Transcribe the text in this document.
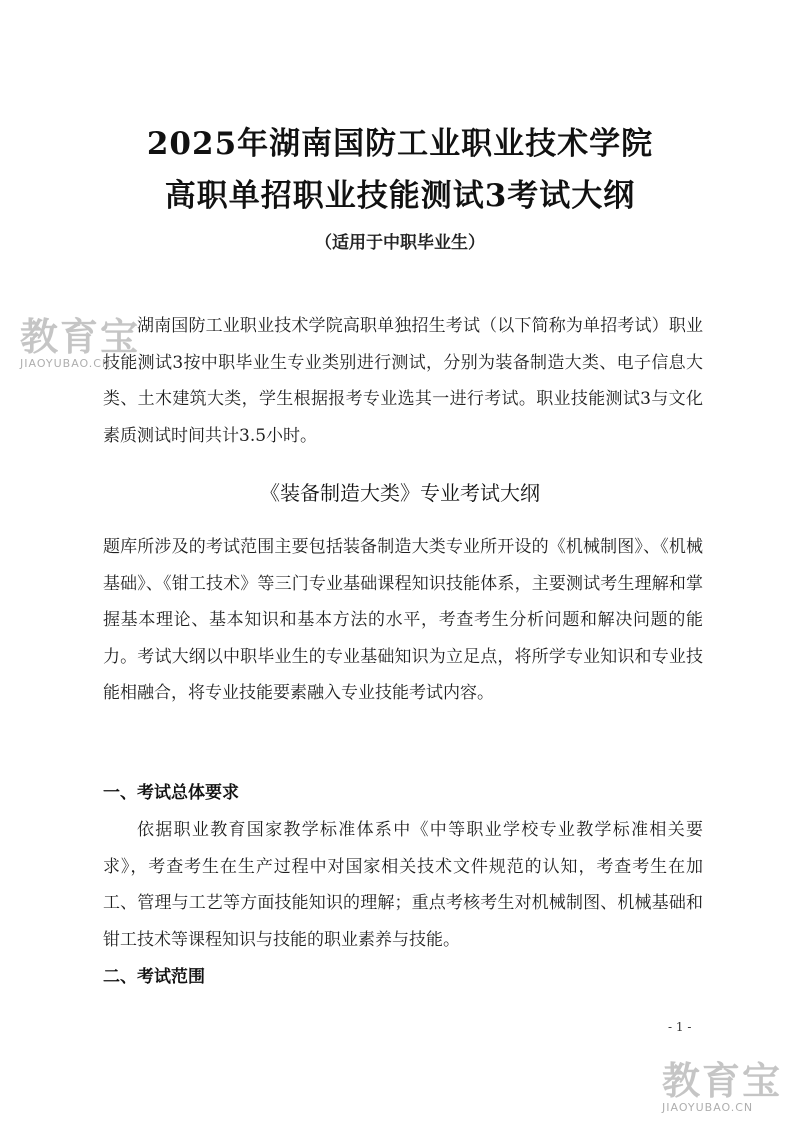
2025年湖南国防工业职业技术学院
高职单招职业技能测试3考试大纲
（适用于中职毕业生）
湖南国防工业职业技术学院高职单独招生考试（以下简称为单招考试）职业技能测试3按中职毕业生专业类别进行测试，分别为装备制造大类、电子信息大类、土木建筑大类，学生根据报考专业选其一进行考试。职业技能测试3与文化素质测试时间共计3.5小时。
《装备制造大类》专业考试大纲
题库所涉及的考试范围主要包括装备制造大类专业所开设的《机械制图》、《机械基础》、《钳工技术》等三门专业基础课程知识技能体系，主要测试考生理解和掌握基本理论、基本知识和基本方法的水平，考查考生分析问题和解决问题的能力。考试大纲以中职毕业生的专业基础知识为立足点，将所学专业知识和专业技能相融合，将专业技能要素融入专业技能考试内容。
一、考试总体要求
依据职业教育国家教学标准体系中《中等职业学校专业教学标准相关要求》，考查考生在生产过程中对国家相关技术文件规范的认知，考查考生在加工、管理与工艺等方面技能知识的理解；重点考核考生对机械制图、机械基础和钳工技术等课程知识与技能的职业素养与技能。
二、考试范围
- 1 -
教育宝
JIAOYUBAO.CN
教育宝
JIAOYUBAO.CN
